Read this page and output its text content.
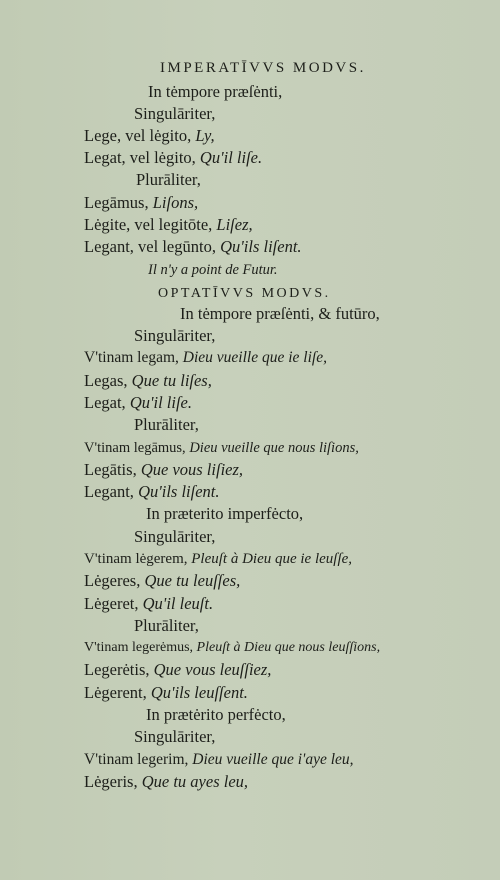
IMPERATĪVVS MODVS.
OPTATĪVVS MODVS.
In tėmpore præſėnti,
Singulāriter,
Lege, vel lėgito, Ly,
Legat, vel lėgito, Qu'il liſe.
Plurāliter,
Legāmus, Liſons,
Lėgite, vel legitōte, Liſez,
Legant, vel legūnto, Qu'ils liſent.
Il n'y a point de Futur.
In tėmpore præſėnti, & futūro,
Singulāriter,
V'tinam legam, Dieu vueille que ie liſe,
Legas, Que tu liſes,
Legat, Qu'il liſe.
Plurāliter,
V'tinam legāmus, Dieu vueille que nous liſions,
Legātis, Que vous liſiez,
Legant, Qu'ils liſent.
In præterito imperfėcto,
Singulāriter,
V'tinam lėgerem, Pleuſt à Dieu que ie leuſſe,
Lėgeres, Que tu leuſſes,
Lėgeret, Qu'il leuſt.
Plurāliter,
V'tinam legerėmus, Pleuſt à Dieu que nous leuſſions,
Legerėtis, Que vous leuſſiez,
Lėgerent, Qu'ils leuſſent.
In prætėrito perfėcto,
Singulāriter,
V'tinam legerim, Dieu vueille que i'aye leu,
Lėgeris, Que tu ayes leu,
